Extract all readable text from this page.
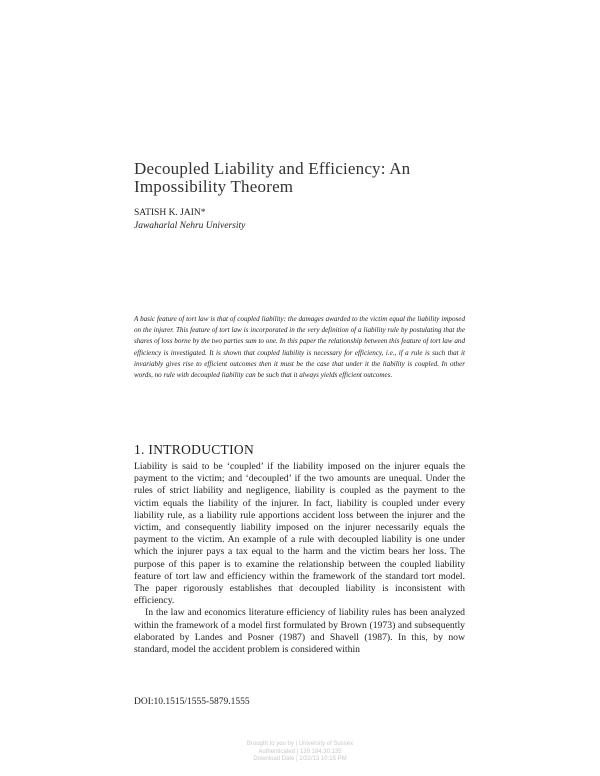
Decoupled Liability and Efficiency: An
Impossibility Theorem
SATISH K. JAIN*
Jawaharlal Nehru University
A basic feature of tort law is that of coupled liability: the damages awarded to the victim equal the liability imposed on the injurer. This feature of tort law is incorporated in the very definition of a liability rule by postulating that the shares of loss borne by the two parties sum to one. In this paper the relationship between this feature of tort law and efficiency is investigated. It is shown that coupled liability is necessary for efficiency, i.e., if a rule is such that it invariably gives rise to efficient outcomes then it must be the case that under it the liability is coupled. In other words, no rule with decoupled liability can be such that it always yields efficient outcomes.
1. INTRODUCTION

Liability is said to be ‘coupled’ if the liability imposed on the injurer equals the payment to the victim; and ‘decoupled’ if the two amounts are unequal. Under the rules of strict liability and negligence, liability is coupled as the payment to the victim equals the liability of the injurer. In fact, liability is coupled under every liability rule, as a liability rule apportions accident loss between the injurer and the victim, and consequently liability imposed on the injurer necessarily equals the payment to the victim. An example of a rule with decoupled liability is one under which the injurer pays a tax equal to the harm and the victim bears her loss. The purpose of this paper is to examine the relationship between the coupled liability feature of tort law and efficiency within the framework of the standard tort model. The paper rigorously establishes that decoupled liability is inconsistent with efficiency.

In the law and economics literature efficiency of liability rules has been analyzed within the framework of a model first formulated by Brown (1973) and subsequently elaborated by Landes and Posner (1987) and Shavell (1987). In this, by now standard, model the accident problem is considered within

DOI:10.1515/1555-5879.1555
Brought to you by | University of Sussex
Authenticated | 139.184.30.135
Download Date | 2/22/13 10:15 PM
